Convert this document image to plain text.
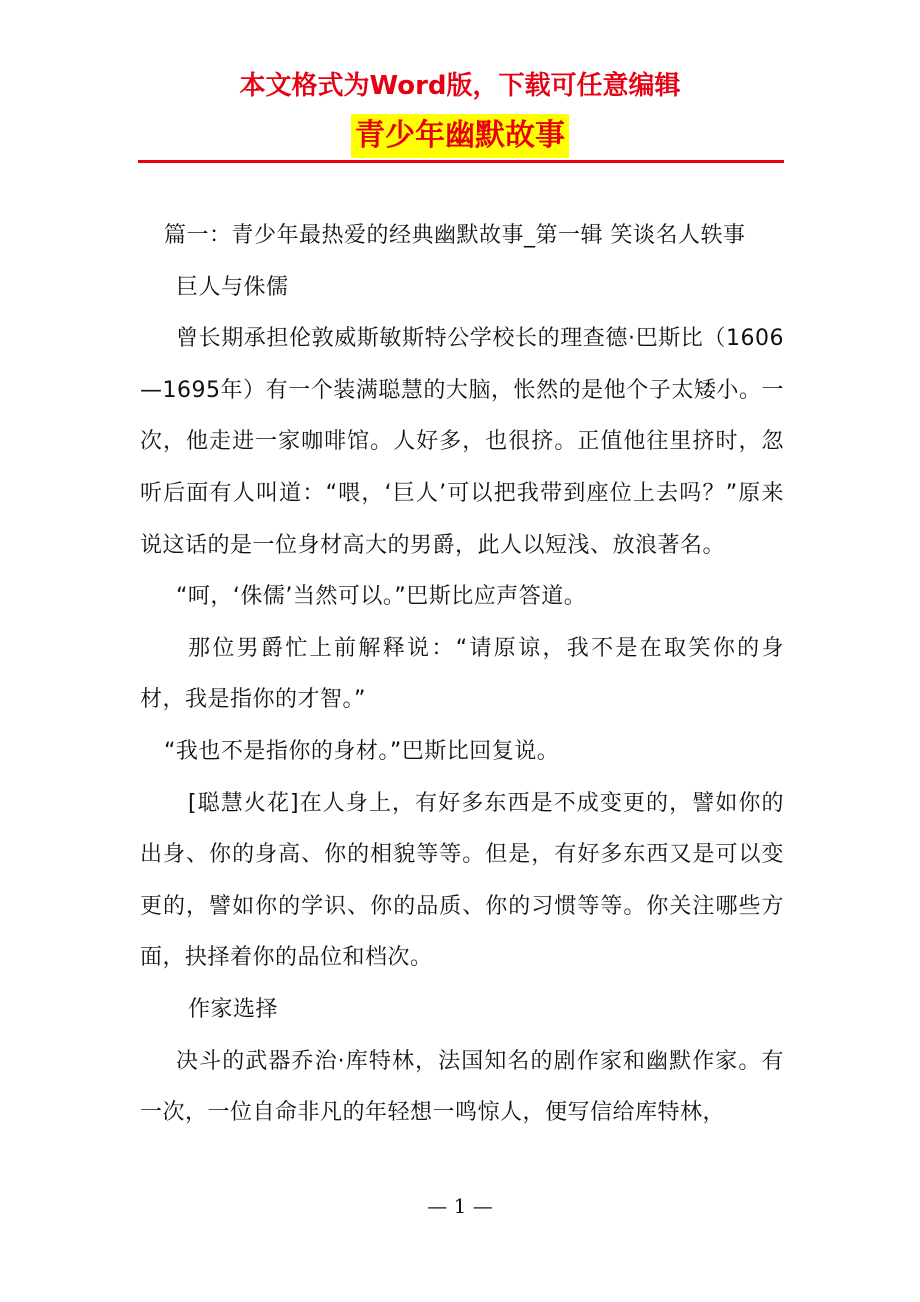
本文格式为Word版，下载可任意编辑
青少年幽默故事

篇一：青少年最热爱的经典幽默故事_第一辑 笑谈名人轶事

巨人与侏儒

曾长期承担伦敦威斯敏斯特公学校长的理查德·巴斯比（1606—1695年）有一个装满聪慧的大脑，怅然的是他个子太矮小。一次，他走进一家咖啡馆。人好多，也很挤。正值他往里挤时，忽听后面有人叫道：“喂，‘巨人’可以把我带到座位上去吗？”原来说这话的是一位身材高大的男爵，此人以短浅、放浪著名。

“呵，‘侏儒’当然可以。”巴斯比应声答道。

那位男爵忙上前解释说：“请原谅，我不是在取笑你的身材，我是指你的才智。”

“我也不是指你的身材。”巴斯比回复说。

[聪慧火花]在人身上，有好多东西是不成变更的，譬如你的出身、你的身高、你的相貌等等。但是，有好多东西又是可以变更的，譬如你的学识、你的品质、你的习惯等等。你关注哪些方面，抉择着你的品位和档次。

作家选择

决斗的武器乔治·库特林，法国知名的剧作家和幽默作家。有一次，一位自命非凡的年轻想一鸣惊人，便写信给库特林，

— 1 —
